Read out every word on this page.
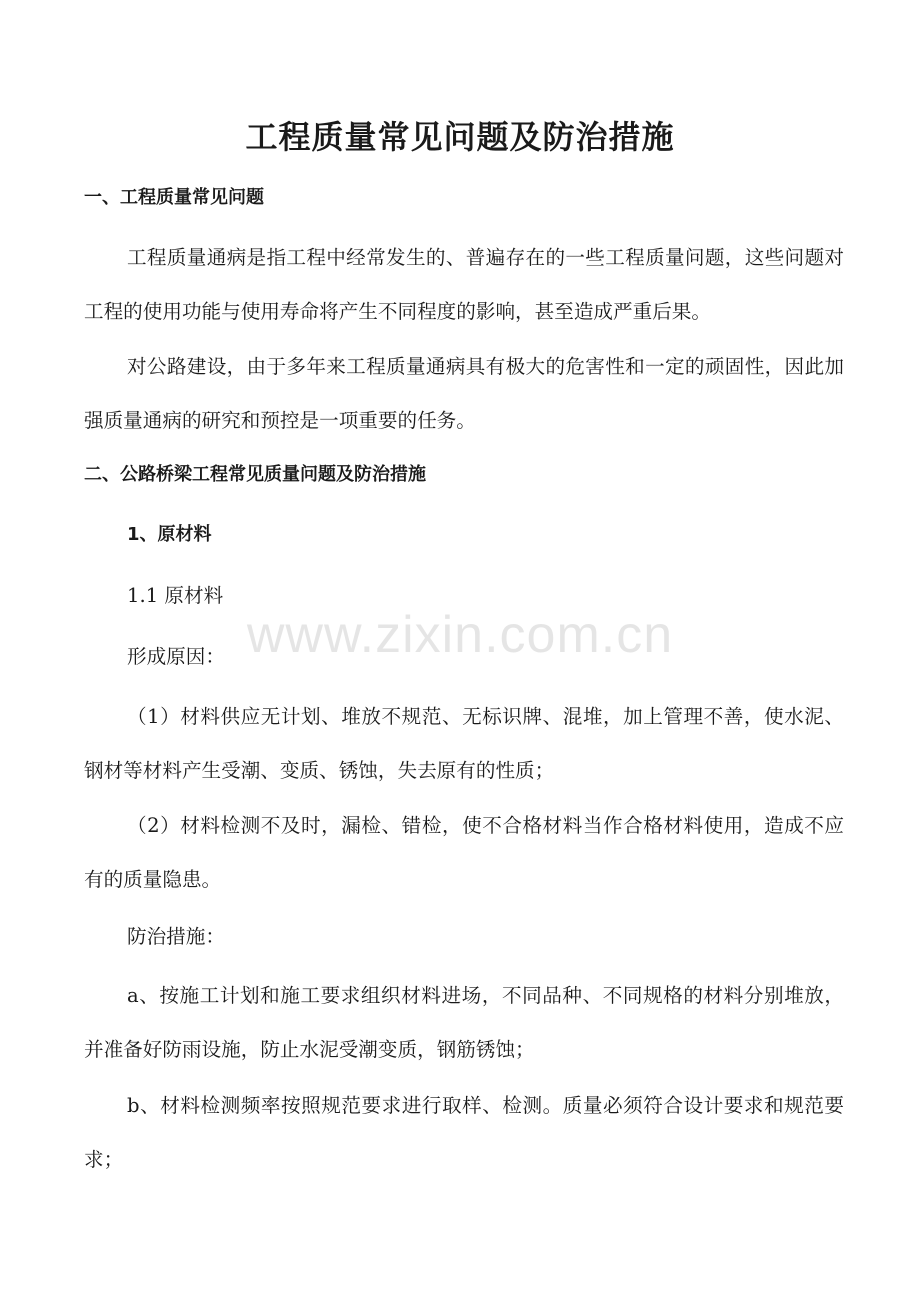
工程质量常见问题及防治措施
一、工程质量常见问题
工程质量通病是指工程中经常发生的、普遍存在的一些工程质量问题，这些问题对工程的使用功能与使用寿命将产生不同程度的影响，甚至造成严重后果。
对公路建设，由于多年来工程质量通病具有极大的危害性和一定的顽固性，因此加强质量通病的研究和预控是一项重要的任务。
二、公路桥梁工程常见质量问题及防治措施
1、原材料
1.1 原材料
形成原因：
（1）材料供应无计划、堆放不规范、无标识牌、混堆，加上管理不善，使水泥、钢材等材料产生受潮、变质、锈蚀，失去原有的性质；
（2）材料检测不及时，漏检、错检，使不合格材料当作合格材料使用，造成不应有的质量隐患。
防治措施：
a、按施工计划和施工要求组织材料进场，不同品种、不同规格的材料分别堆放，并准备好防雨设施，防止水泥受潮变质，钢筋锈蚀；
b、材料检测频率按照规范要求进行取样、检测。质量必须符合设计要求和规范要求；
www.zixin.com.cn
